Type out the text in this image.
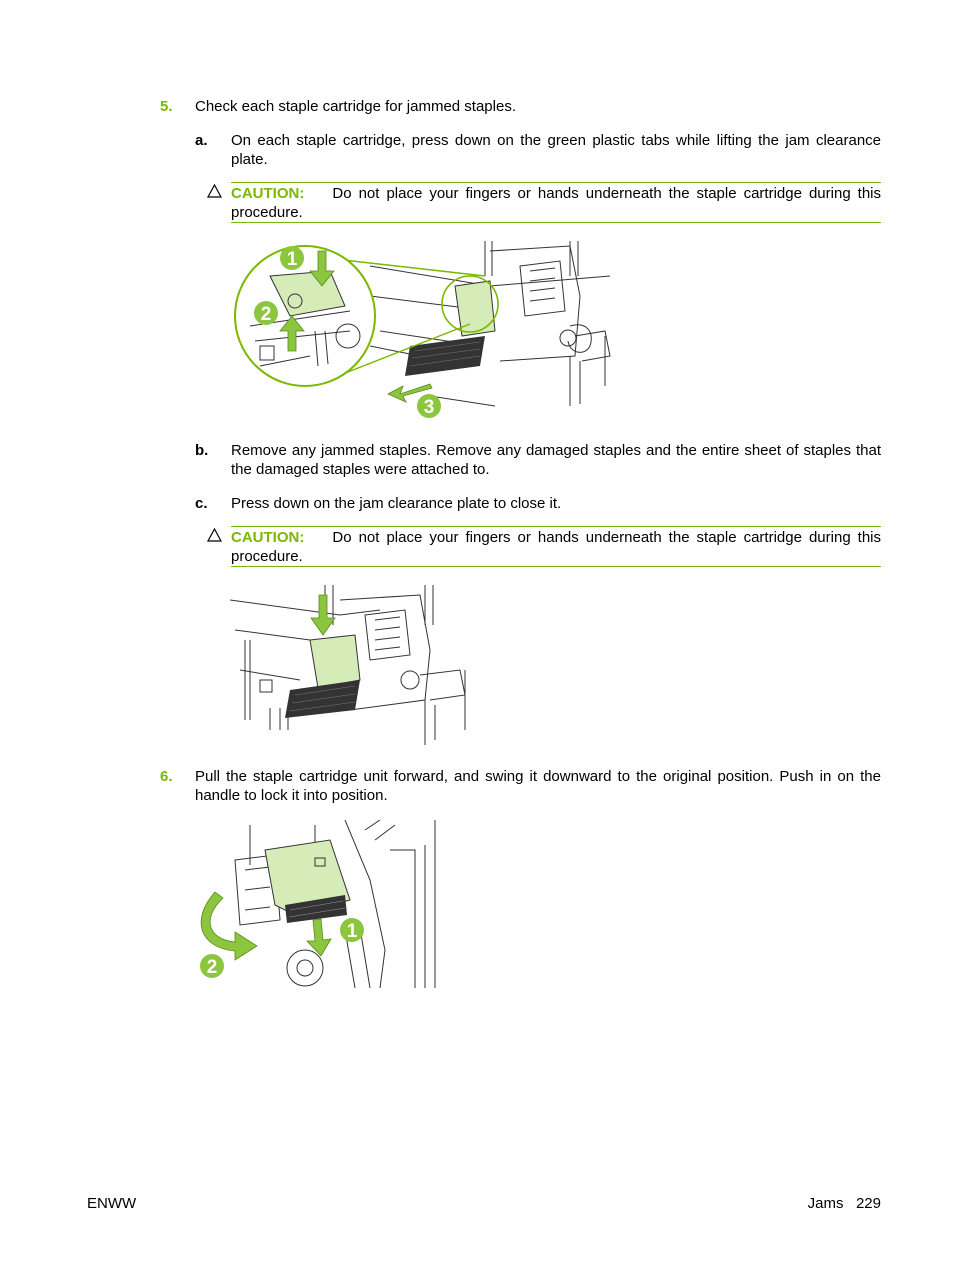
5. Check each staple cartridge for jammed staples.
a. On each staple cartridge, press down on the green plastic tabs while lifting the jam clearance plate.
CAUTION: Do not place your fingers or hands underneath the staple cartridge during this procedure.
1
2
3
b. Remove any jammed staples. Remove any damaged staples and the entire sheet of staples that the damaged staples were attached to.
c. Press down on the jam clearance plate to close it.
CAUTION: Do not place your fingers or hands underneath the staple cartridge during this procedure.
6. Pull the staple cartridge unit forward, and swing it downward to the original position. Push in on the handle to lock it into position.
1
2
ENWW	Jams 229
